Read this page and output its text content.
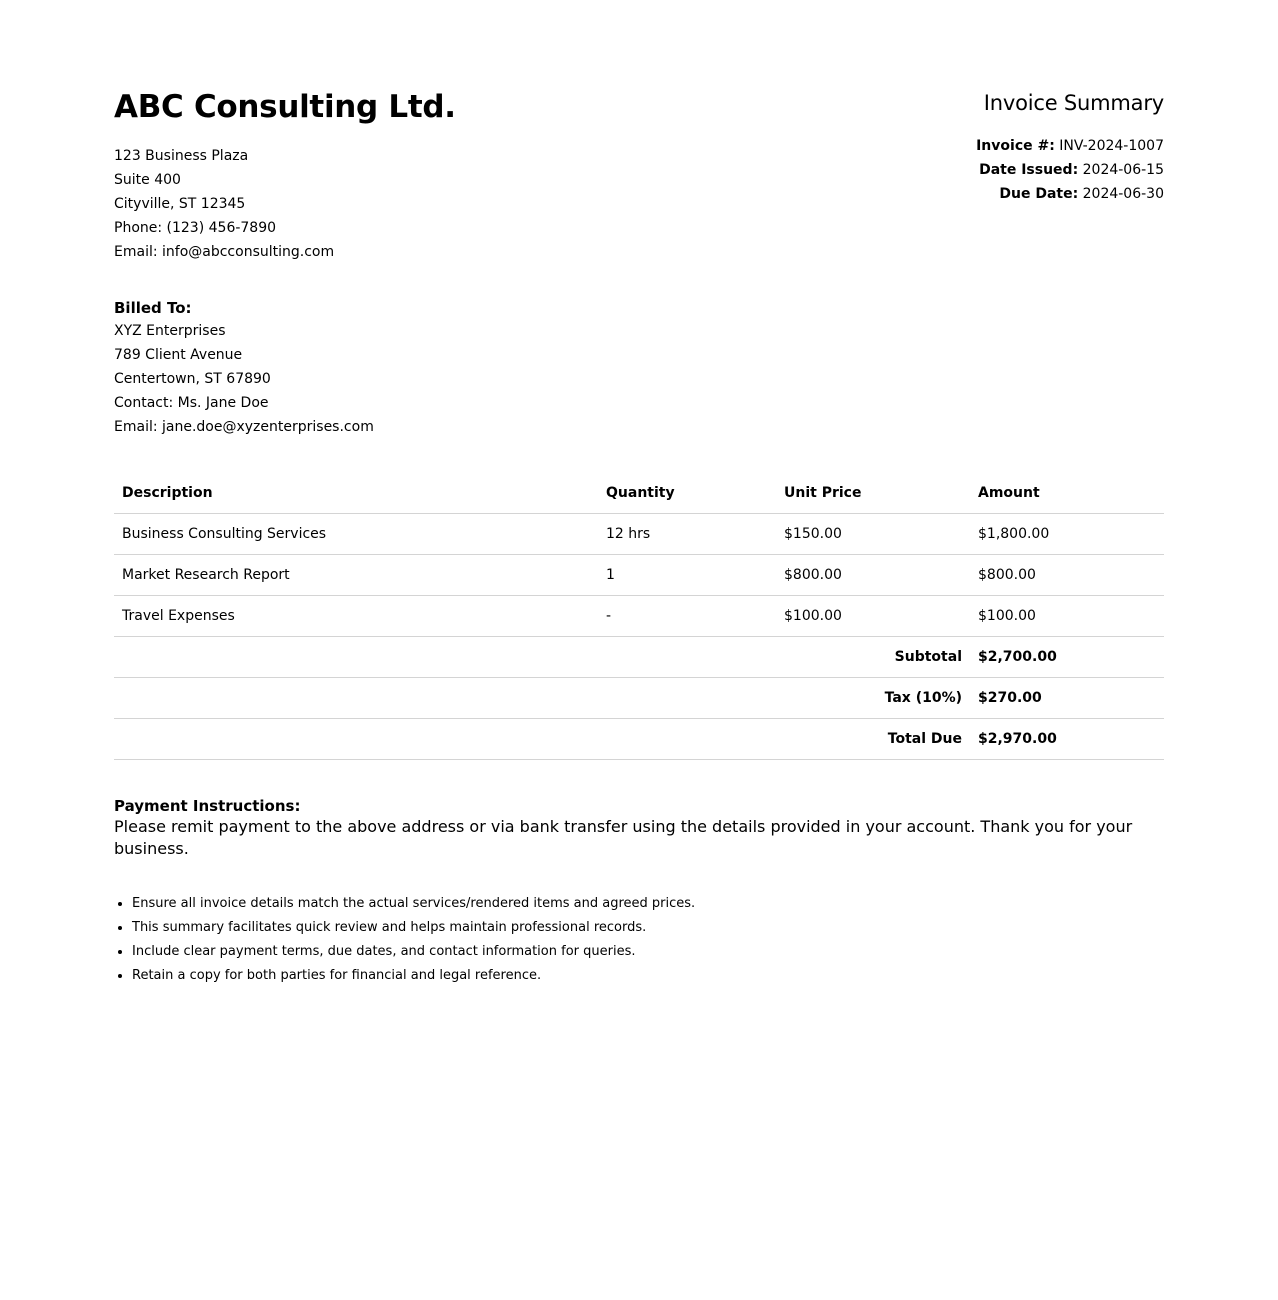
ABC Consulting Ltd.
123 Business Plaza
Suite 400
Cityville, ST 12345
Phone: (123) 456-7890
Email: info@abcconsulting.com
Invoice Summary
Invoice #: INV-2024-1007
Date Issued: 2024-06-15
Due Date: 2024-06-30
Billed To:
XYZ Enterprises
789 Client Avenue
Centertown, ST 67890
Contact: Ms. Jane Doe
Email: jane.doe@xyzenterprises.com
Description	Quantity	Unit Price	Amount
Business Consulting Services	12 hrs	$150.00	$1,800.00
Market Research Report	1	$800.00	$800.00
Travel Expenses	-	$100.00	$100.00
Subtotal			$2,700.00
Tax (10%)			$270.00
Total Due			$2,970.00
Payment Instructions:
Please remit payment to the above address or via bank transfer using the details provided in your account. Thank you for your business.
• Ensure all invoice details match the actual services/rendered items and agreed prices.
• This summary facilitates quick review and helps maintain professional records.
• Include clear payment terms, due dates, and contact information for queries.
• Retain a copy for both parties for financial and legal reference.
